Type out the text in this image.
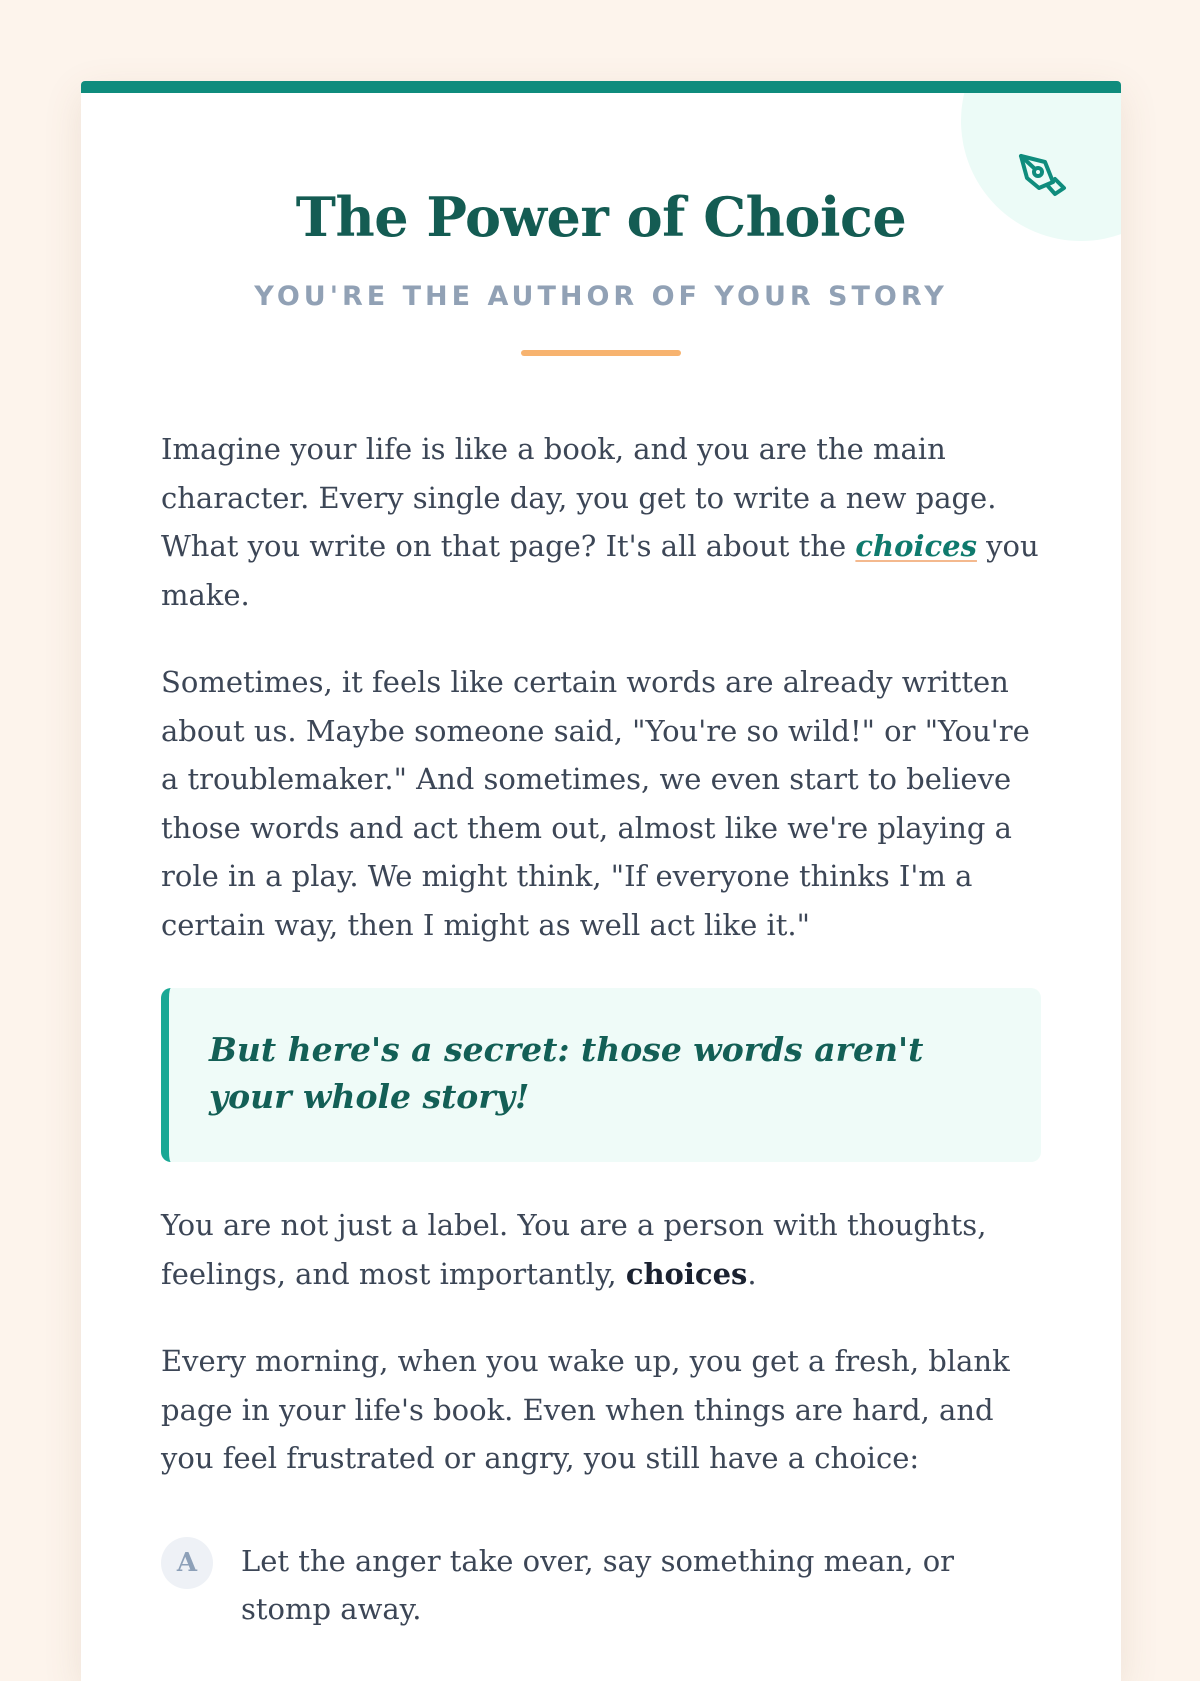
The Power of Choice
YOU'RE THE AUTHOR OF YOUR STORY

Imagine your life is like a book, and you are the main character. Every single day, you get to write a new page. What you write on that page? It's all about the choices you make.

Sometimes, it feels like certain words are already written about us. Maybe someone said, "You're so wild!" or "You're a troublemaker." And sometimes, we even start to believe those words and act them out, almost like we're playing a role in a play. We might think, "If everyone thinks I'm a certain way, then I might as well act like it."

But here's a secret: those words aren't your whole story!

You are not just a label. You are a person with thoughts, feelings, and most importantly, choices.

Every morning, when you wake up, you get a fresh, blank page in your life's book. Even when things are hard, and you feel frustrated or angry, you still have a choice:

A	Let the anger take over, say something mean, or stomp away.
